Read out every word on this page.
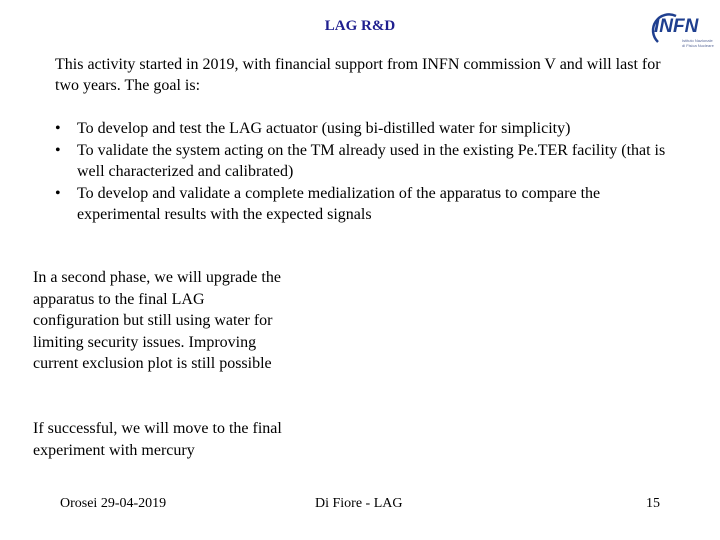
LAG R&D	INFN
Istituto Nazionale di Fisica Nucleare
This activity started in 2019, with financial support from INFN commission V and will last for two years. The goal is:
• To develop and test the LAG actuator (using bi-distilled water for simplicity)
• To validate the system acting on the TM already used in the existing Pe.TER facility (that is well characterized and calibrated)
• To develop and validate a complete medialization of the apparatus to compare the experimental results with the expected signals
In a second phase, we will upgrade the apparatus to the final LAG configuration but still using water for limiting security issues. Improving current exclusion plot is still possible
If successful, we will move to the final experiment with mercury
Orosei 29-04-2019	Di Fiore - LAG	15
